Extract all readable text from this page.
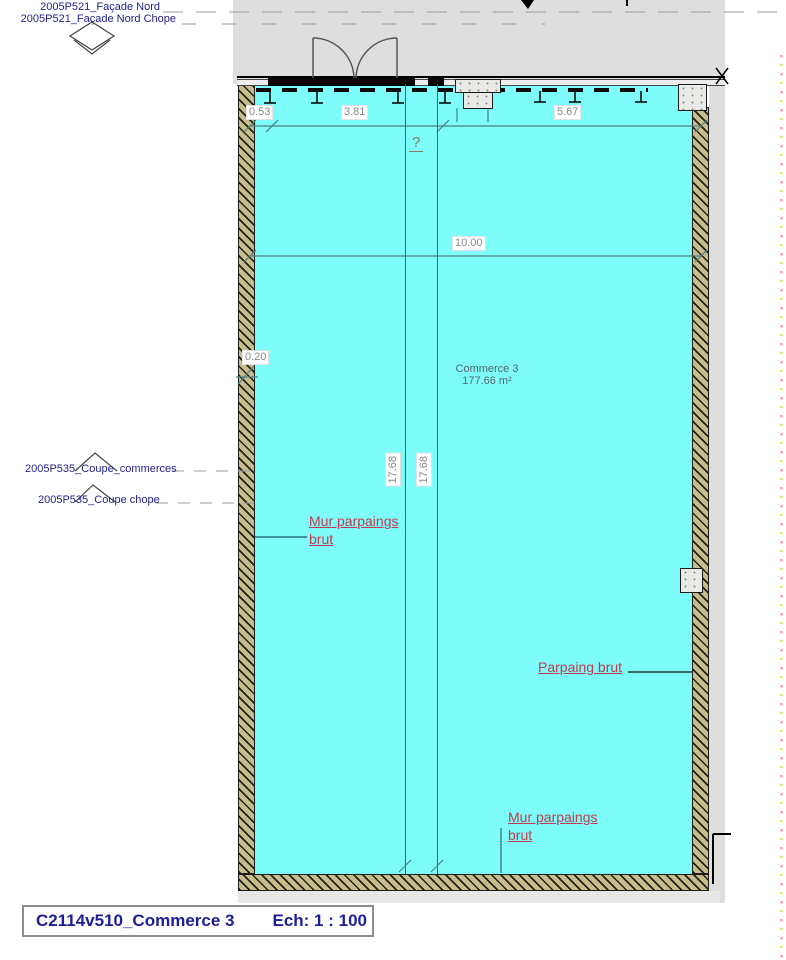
0.53	3.81	5.67
10.00
0.20
17.68 17.68
?
Commerce 3
177.66 m²
Mur parpaings brut
Parpaing brut
Mur parpaings brut
2005P521_Façade Nord
2005P521_Façade Nord Chope
2005P535_Coupe_commerces
2005P535_Coupe chope
C2114v510_Commerce 3 Ech: 1 : 100
